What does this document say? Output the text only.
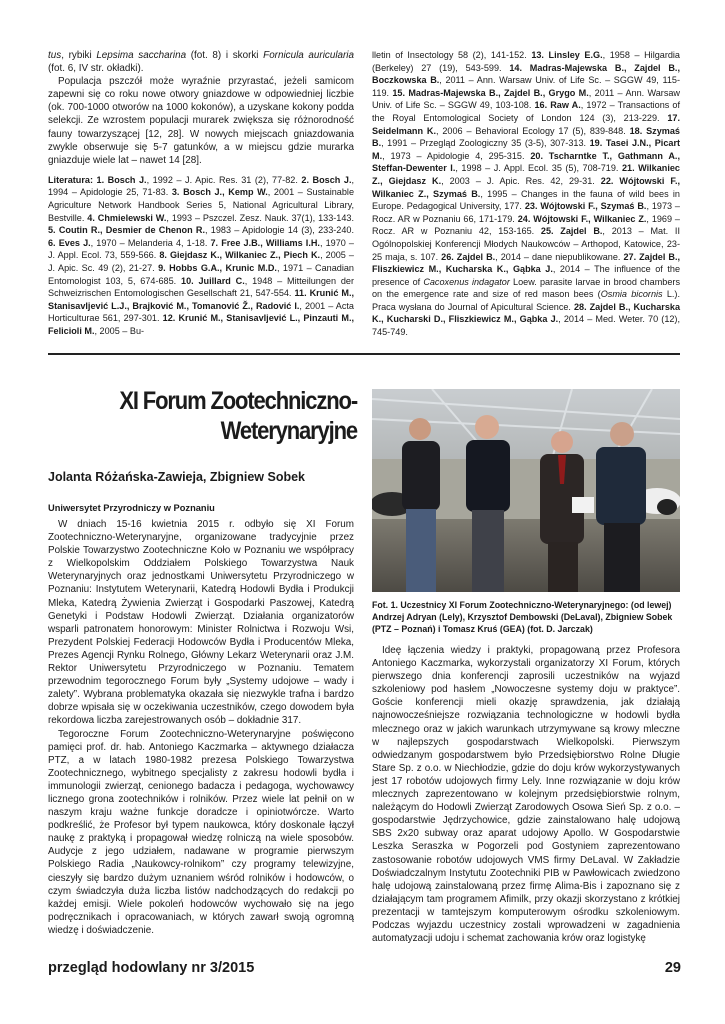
tus, rybiki Lepsima saccharina (fot. 8) i skorki Fornicula auricularia (fot. 6, IV str. okładki).

Populacja pszczół może wyraźnie przyrastać, jeżeli samicom zapewni się co roku nowe otwory gniazdowe w odpowiedniej liczbie (ok. 700-1000 otworów na 1000 kokonów), a uzyskane kokony podda selekcji. Ze wzrostem populacji murarek zwiększa się różnorodność fauny towarzyszącej [12, 28]. W nowych miejscach gniazdowania zwykle obserwuje się 5-7 gatunków, a w miejscu gdzie murarka gniazduje wiele lat – nawet 14 [28].

Literatura: 1. Bosch J., 1992 – J. Apic. Res. 31 (2), 77-82. 2. Bosch J., 1994 – Apidologie 25, 71-83. 3. Bosch J., Kemp W., 2001 – Sustainable Agriculture Network Handbook Series 5, National Agricultural Library, Bestville. 4. Chmielewski W., 1993 – Pszczel. Zesz. Nauk. 37(1), 133-143. 5. Coutin R., Desmier de Chenon R., 1983 – Apidologie 14 (3), 233-240. 6. Eves J., 1970 – Melanderia 4, 1-18. 7. Free J.B., Williams I.H., 1970 – J. Appl. Ecol. 73, 559-566. 8. Giejdasz K., Wilkaniec Z., Piech K., 2005 – J. Apic. Sc. 49 (2), 21-27. 9. Hobbs G.A., Krunic M.D., 1971 – Canadian Entomologist 103, 5, 674-685. 10. Juillard C., 1948 – Mitteilungen der Schweizrischen Entomologischen Gesellschaft 21, 547-554. 11. Krunić M., Stanisavljević L.J., Brajković M., Tomanović Ž., Radović I., 2001 – Acta Horticulturae 561, 297-301. 12. Krunić M., Stanisavljević L., Pinzauti M., Felicioli M., 2005 – Bu-

lletin of Insectology 58 (2), 141-152. 13. Linsley E.G., 1958 – Hilgardia (Berkeley) 27 (19), 543-599. 14. Madras-Majewska B., Zajdel B., Boczkowska B., 2011 – Ann. Warsaw Univ. of Life Sc. – SGGW 49, 115-119. 15. Madras-Majewska B., Zajdel B., Grygo M., 2011 – Ann. Warsaw Univ. of Life Sc. – SGGW 49, 103-108. 16. Raw A., 1972 – Transactions of the Royal Entomological Society of London 124 (3), 213-229. 17. Seidelmann K., 2006 – Behavioral Ecology 17 (5), 839-848. 18. Szymaś B., 1991 – Przegląd Zoologiczny 35 (3-5), 307-313. 19. Tasei J.N., Picart M., 1973 – Apidologie 4, 295-315. 20. Tscharntke T., Gathmann A., Steffan-Dewenter I., 1998 – J. Appl. Ecol. 35 (5), 708-719. 21. Wilkaniec Z., Giejdasz K., 2003 – J. Apic. Res. 42, 29-31. 22. Wójtowski F., Wilkaniec Z., Szymaś B., 1995 – Changes in the fauna of wild bees in Europe. Pedagogical University, 177. 23. Wójtowski F., Szymaś B., 1973 – Rocz. AR w Poznaniu 66, 171-179. 24. Wójtowski F., Wilkaniec Z., 1969 – Rocz. AR w Poznaniu 42, 153-165. 25. Zajdel B., 2013 – Mat. II Ogólnopolskiej Konferencji Młodych Naukowców – Arthopod, Katowice, 23-25 maja, s. 107. 26. Zajdel B., 2014 – dane niepublikowane. 27. Zajdel B., Fliszkiewicz M., Kucharska K., Gąbka J., 2014 – The influence of the presence of Cacoxenus indagator Loew. parasite larvae in brood chambers on the emergence rate and size of red mason bees (Osmia bicornis L.). Praca wysłana do Journal of Apicultural Science. 28. Zajdel B., Kucharska K., Kucharski D., Fliszkiewicz M., Gąbka J., 2014 – Med. Weter. 70 (12), 745-749.

XI Forum Zootechniczno-
Weterynaryjne
Jolanta Różańska-Zawieja, Zbigniew Sobek
Uniwersytet Przyrodniczy w Poznaniu

W dniach 15-16 kwietnia 2015 r. odbyło się XI Forum Zootechniczno-Weterynaryjne, organizowane tradycyjnie przez Polskie Towarzystwo Zootechniczne Koło w Poznaniu we współpracy z Wielkopolskim Oddziałem Polskiego Towarzystwa Nauk Weterynaryjnych oraz jednostkami Uniwersytetu Przyrodniczego w Poznaniu: Instytutem Weterynarii, Katedrą Hodowli Bydła i Produkcji Mleka, Katedrą Żywienia Zwierząt i Gospodarki Paszowej, Katedrą Genetyki i Podstaw Hodowli Zwierząt. Działania organizatorów wsparli patronatem honorowym: Minister Rolnictwa i Rozwoju Wsi, Prezydent Polskiej Federacji Hodowców Bydła i Producentów Mleka, Prezes Agencji Rynku Rolnego, Główny Lekarz Weterynarii oraz J.M. Rektor Uniwersytetu Przyrodniczego w Poznaniu. Tematem przewodnim tegorocznego Forum były „Systemy udojowe – wady i zalety”. Wybrana problematyka okazała się niezwykle trafna i bardzo dobrze wpisała się w oczekiwania uczestników, czego dowodem była rekordowa liczba zarejestrowanych osób – dokładnie 317.

Tegoroczne Forum Zootechniczno-Weterynaryjne poświęcono pamięci prof. dr. hab. Antoniego Kaczmarka – aktywnego działacza PTZ, a w latach 1980-1982 prezesa Polskiego Towarzystwa Zootechnicznego, wybitnego specjalisty z zakresu hodowli bydła i immunologii zwierząt, cenionego badacza i pedagoga, wychowawcy licznego grona zootechników i rolników. Przez wiele lat pełnił on w naszym kraju ważne funkcje doradcze i opiniotwórcze. Warto podkreślić, że Profesor był typem naukowca, który doskonale łączył naukę z praktyką i propagował wiedzę rolniczą na wiele sposobów. Audycje z jego udziałem, nadawane w programie pierwszym Polskiego Radia „Naukowcy-rolnikom” czy programy telewizyjne, cieszyły się bardzo dużym uznaniem wśród rolników i hodowców, o czym świadczyła duża liczba listów nadchodzących do redakcji po każdej emisji. Wiele pokoleń hodowców wychowało się na jego podręcznikach i opracowaniach, w których zawarł swoją ogromną wiedzę i doświadczenie.

Fot. 1. Uczestnicy XI Forum Zootechniczno-Weterynaryjnego: (od lewej) Andrzej Adryan (Lely), Krzysztof Dembowski (DeLaval), Zbigniew Sobek (PTZ – Poznań) i Tomasz Kruś (GEA) (fot. D. Jarczak)

Ideę łączenia wiedzy i praktyki, propagowaną przez Profesora Antoniego Kaczmarka, wykorzystali organizatorzy XI Forum, których pierwszego dnia konferencji zaprosili uczestników na wyjazd szkoleniowy pod hasłem „Nowoczesne systemy doju w praktyce”. Goście konferencji mieli okazję sprawdzenia, jak działają najnowocześniejsze rozwiązania technologiczne w hodowli bydła mlecznego oraz w jakich warunkach utrzymywane są krowy mleczne w najlepszych gospodarstwach Wielkopolski. Pierwszym odwiedzanym gospodarstwem było Przedsiębiorstwo Rolne Długie Stare Sp. z o.o. w Niechłodzie, gdzie do doju krów wykorzystywanych jest 17 robotów udojowych firmy Lely. Inne rozwiązanie w doju krów mlecznych zaprezentowano w kolejnym przedsiębiorstwie rolnym, należącym do Hodowli Zwierząt Zarodowych Osowa Sień Sp. z o.o. – gospodarstwie Jędrzychowice, gdzie zainstalowano halę udojową SBS 2x20 subway oraz aparat udojowy Apollo. W Gospodarstwie Leszka Seraszka w Pogorzeli pod Gostyniem zaprezentowano zastosowanie robotów udojowych VMS firmy DeLaval. W Zakładzie Doświadczalnym Instytutu Zootechniki PIB w Pawłowicach zwiedzono halę udojową zainstalowaną przez firmę Alima-Bis i zapoznano się z działającym tam programem Afimilk, przy okazji skorzystano z krótkiej prezentacji w tamtejszym komputerowym ośrodku szkoleniowym. Podczas wyjazdu uczestnicy zostali wprowadzeni w zagadnienia automatyzacji udoju i schemat zachowania krów oraz logistykę

przegląd hodowlany nr 3/2015	29
